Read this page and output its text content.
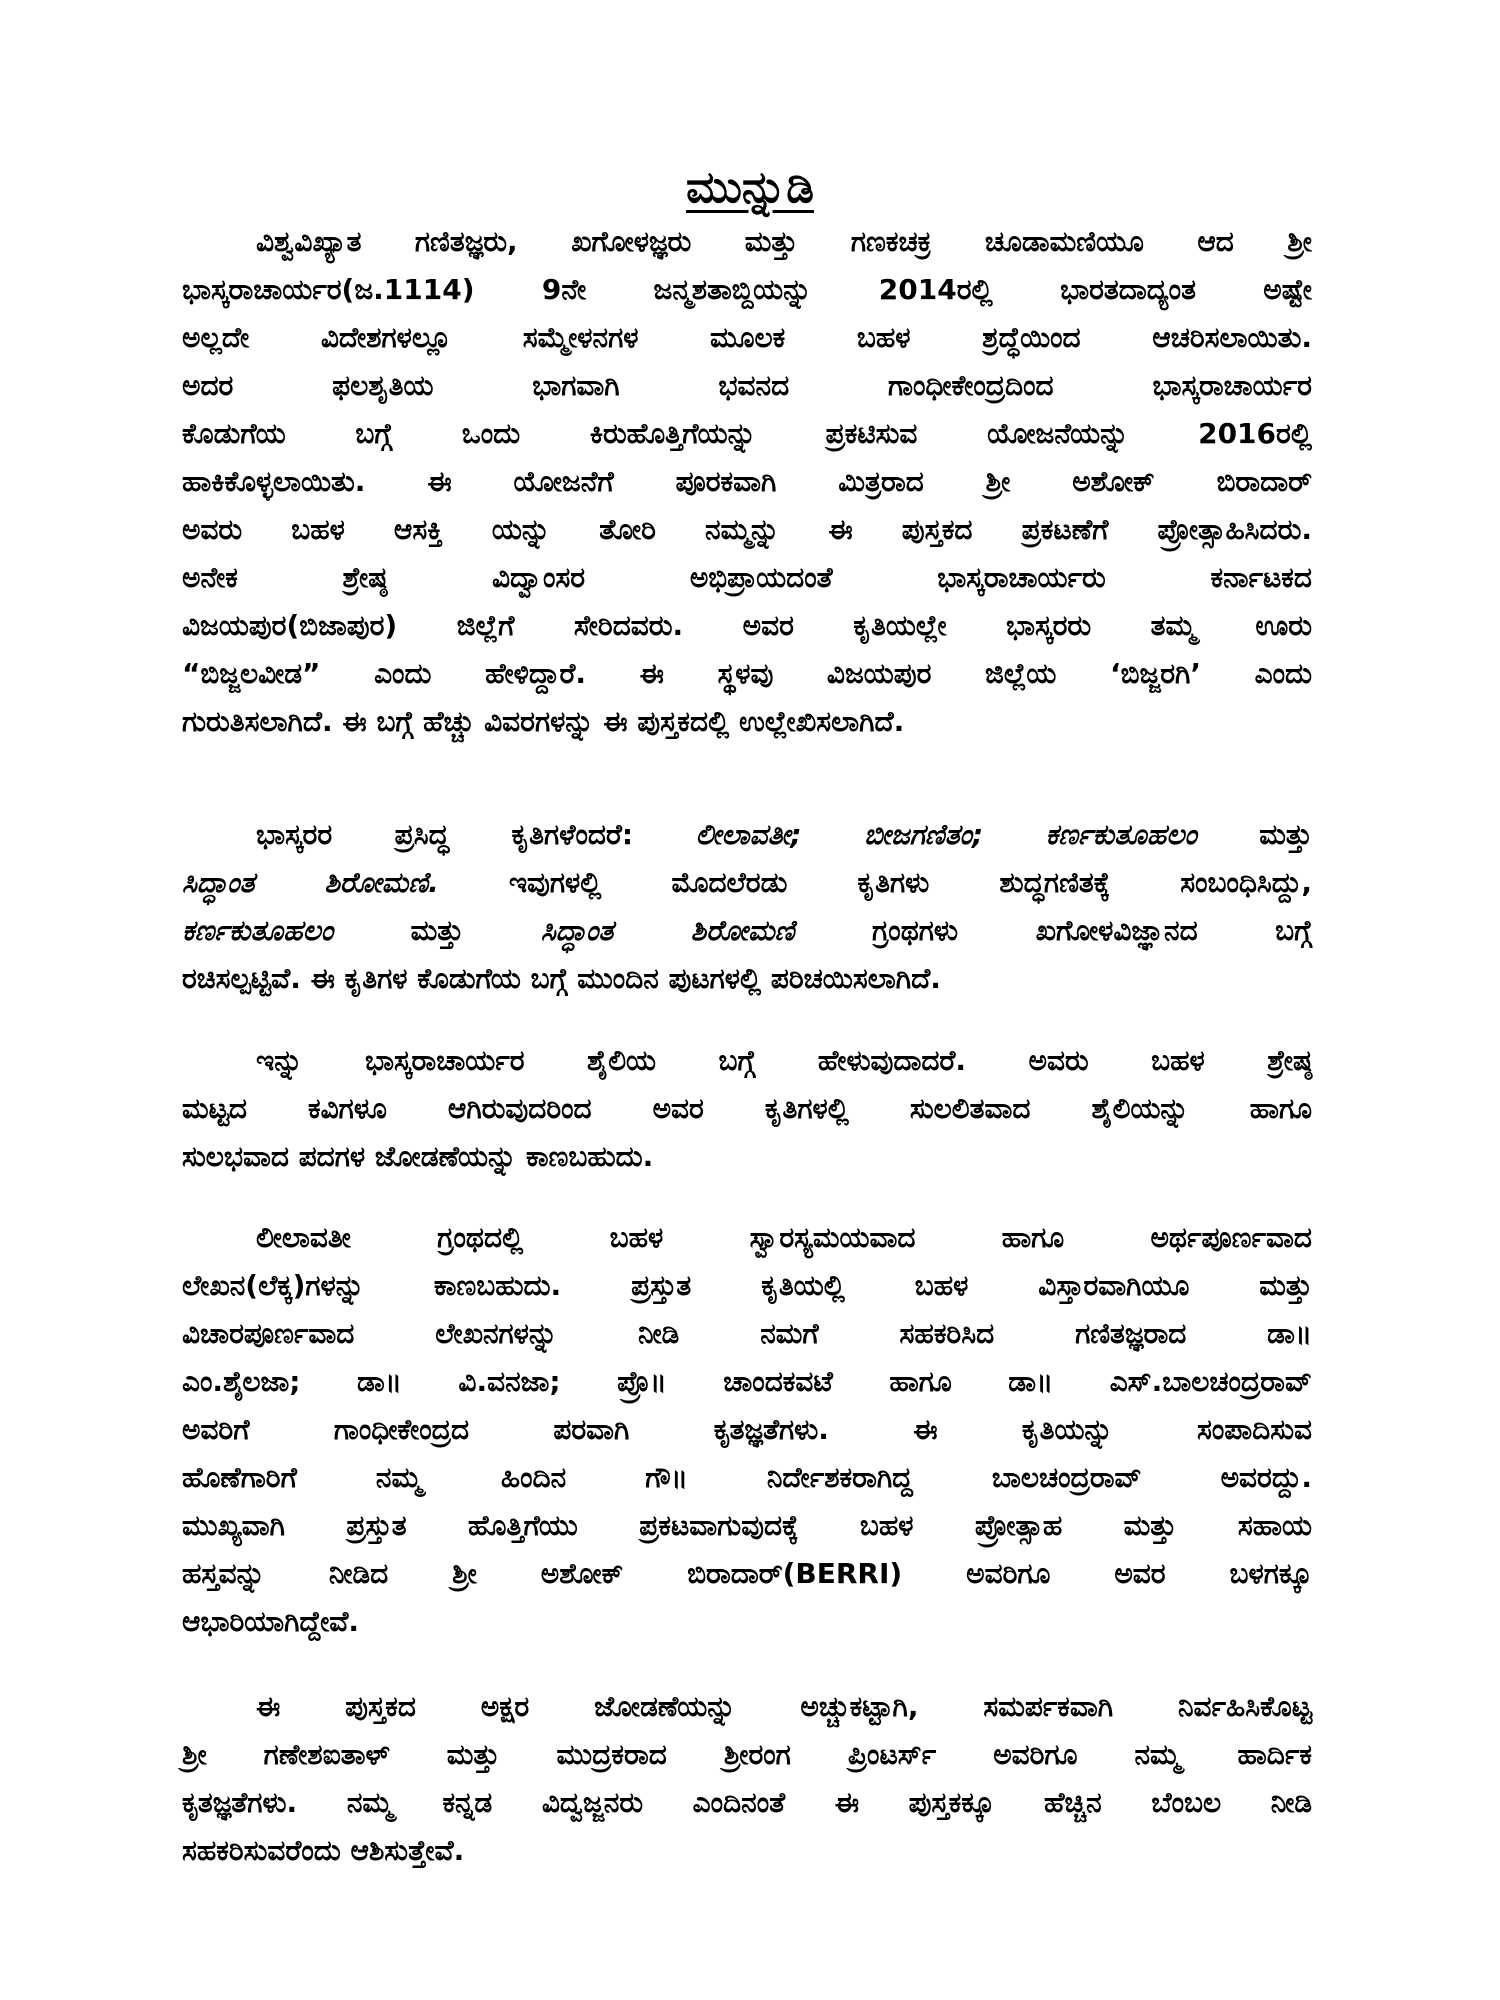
ಮುನ್ನುಡಿ
ವಿಶ್ವವಿಖ್ಯಾತ ಗಣಿತಜ್ಞರು, ಖಗೋಳಜ್ಞರು ಮತ್ತು ಗಣಕಚಕ್ರ ಚೂಡಾಮಣಿಯೂ ಆದ ಶ್ರೀ
ಭಾಸ್ಕರಾಚಾರ್ಯರ(ಜ.1114) 9ನೇ ಜನ್ಮಶತಾಬ್ದಿಯನ್ನು 2014ರಲ್ಲಿ ಭಾರತದಾದ್ಯಂತ ಅಷ್ಟೇ
ಅಲ್ಲದೇ ವಿದೇಶಗಳಲ್ಲೂ ಸಮ್ಮೇಳನಗಳ ಮೂಲಕ ಬಹಳ ಶ್ರದ್ಧೆಯಿಂದ ಆಚರಿಸಲಾಯಿತು.
ಅದರ ಫಲಶೃತಿಯ ಭಾಗವಾಗಿ ಭವನದ ಗಾಂಧೀಕೇಂದ್ರದಿಂದ ಭಾಸ್ಕರಾಚಾರ್ಯರ
ಕೊಡುಗೆಯ ಬಗ್ಗೆ ಒಂದು ಕಿರುಹೊತ್ತಿಗೆಯನ್ನು ಪ್ರಕಟಿಸುವ ಯೋಜನೆಯನ್ನು 2016ರಲ್ಲಿ
ಹಾಕಿಕೊಳ್ಳಲಾಯಿತು. ಈ ಯೋಜನೆಗೆ ಪೂರಕವಾಗಿ ಮಿತ್ರರಾದ ಶ್ರೀ ಅಶೋಕ್ ಬಿರಾದಾರ್
ಅವರು ಬಹಳ ಆಸಕ್ತಿ ಯನ್ನು ತೋರಿ ನಮ್ಮನ್ನು ಈ ಪುಸ್ತಕದ ಪ್ರಕಟಣೆಗೆ ಪ್ರೋತ್ಸಾಹಿಸಿದರು.
ಅನೇಕ ಶ್ರೇಷ್ಠ ವಿದ್ವಾಂಸರ ಅಭಿಪ್ರಾಯದಂತೆ ಭಾಸ್ಕರಾಚಾರ್ಯರು ಕರ್ನಾಟಕದ
ವಿಜಯಪುರ(ಬಿಜಾಪುರ) ಜಿಲ್ಲೆಗೆ ಸೇರಿದವರು. ಅವರ ಕೃತಿಯಲ್ಲೇ ಭಾಸ್ಕರರು ತಮ್ಮ ಊರು
“ಬಿಜ್ಜಲವೀಡ” ಎಂದು ಹೇಳಿದ್ದಾರೆ. ಈ ಸ್ಥಳವು ವಿಜಯಪುರ ಜಿಲ್ಲೆಯ ‘ಬಿಜ್ಜರಗಿ’ ಎಂದು
ಗುರುತಿಸಲಾಗಿದೆ. ಈ ಬಗ್ಗೆ ಹೆಚ್ಚು ವಿವರಗಳನ್ನು ಈ ಪುಸ್ತಕದಲ್ಲಿ ಉಲ್ಲೇಖಿಸಲಾಗಿದೆ.
ಭಾಸ್ಕರರ ಪ್ರಸಿದ್ಧ ಕೃತಿಗಳೆಂದರೆ: ಲೀಲಾವತೀ; ಬೀಜಗಣಿತಂ; ಕರ್ಣಕುತೂಹಲಂ ಮತ್ತು
ಸಿದ್ಧಾಂತ ಶಿರೋಮಣಿ. ಇವುಗಳಲ್ಲಿ ಮೊದಲೆರಡು ಕೃತಿಗಳು ಶುದ್ಧಗಣಿತಕ್ಕೆ ಸಂಬಂಧಿಸಿದ್ದು,
ಕರ್ಣಕುತೂಹಲಂ ಮತ್ತು ಸಿದ್ಧಾಂತ ಶಿರೋಮಣಿ ಗ್ರಂಥಗಳು ಖಗೋಳವಿಜ್ಞಾನದ ಬಗ್ಗೆ
ರಚಿಸಲ್ಪಟ್ಟಿವೆ. ಈ ಕೃತಿಗಳ ಕೊಡುಗೆಯ ಬಗ್ಗೆ ಮುಂದಿನ ಪುಟಗಳಲ್ಲಿ ಪರಿಚಯಿಸಲಾಗಿದೆ.
ಇನ್ನು ಭಾಸ್ಕರಾಚಾರ್ಯರ ಶೈಲಿಯ ಬಗ್ಗೆ ಹೇಳುವುದಾದರೆ. ಅವರು ಬಹಳ ಶ್ರೇಷ್ಠ
ಮಟ್ಟದ ಕವಿಗಳೂ ಆಗಿರುವುದರಿಂದ ಅವರ ಕೃತಿಗಳಲ್ಲಿ ಸುಲಲಿತವಾದ ಶೈಲಿಯನ್ನು ಹಾಗೂ
ಸುಲಭವಾದ ಪದಗಳ ಜೋಡಣೆಯನ್ನು ಕಾಣಬಹುದು.
ಲೀಲಾವತೀ ಗ್ರಂಥದಲ್ಲಿ ಬಹಳ ಸ್ವಾರಸ್ಯಮಯವಾದ ಹಾಗೂ ಅರ್ಥಪೂರ್ಣವಾದ
ಲೇಖನ(ಲೆಕ್ಕ)ಗಳನ್ನು ಕಾಣಬಹುದು. ಪ್ರಸ್ತುತ ಕೃತಿಯಲ್ಲಿ ಬಹಳ ವಿಸ್ತಾರವಾಗಿಯೂ ಮತ್ತು
ವಿಚಾರಪೂರ್ಣವಾದ ಲೇಖನಗಳನ್ನು ನೀಡಿ ನಮಗೆ ಸಹಕರಿಸಿದ ಗಣಿತಜ್ಞರಾದ ಡಾ॥
ಎಂ.ಶೈಲಜಾ; ಡಾ॥ ವಿ.ವನಜಾ; ಪ್ರೊ॥ ಚಾಂದಕವಟೆ ಹಾಗೂ ಡಾ॥ ಎಸ್.ಬಾಲಚಂದ್ರರಾವ್
ಅವರಿಗೆ ಗಾಂಧೀಕೇಂದ್ರದ ಪರವಾಗಿ ಕೃತಜ್ಞತೆಗಳು. ಈ ಕೃತಿಯನ್ನು ಸಂಪಾದಿಸುವ
ಹೊಣೆಗಾರಿಗೆ ನಮ್ಮ ಹಿಂದಿನ ಗೌ॥ ನಿರ್ದೇಶಕರಾಗಿದ್ದ ಬಾಲಚಂದ್ರರಾವ್ ಅವರದ್ದು.
ಮುಖ್ಯವಾಗಿ ಪ್ರಸ್ತುತ ಹೊತ್ತಿಗೆಯು ಪ್ರಕಟವಾಗುವುದಕ್ಕೆ ಬಹಳ ಪ್ರೋತ್ಸಾಹ ಮತ್ತು ಸಹಾಯ
ಹಸ್ತವನ್ನು ನೀಡಿದ ಶ್ರೀ ಅಶೋಕ್ ಬಿರಾದಾರ್(BERRI) ಅವರಿಗೂ ಅವರ ಬಳಗಕ್ಕೂ
ಆಭಾರಿಯಾಗಿದ್ದೇವೆ.
ಈ ಪುಸ್ತಕದ ಅಕ್ಷರ ಜೋಡಣೆಯನ್ನು ಅಚ್ಚುಕಟ್ಟಾಗಿ, ಸಮರ್ಪಕವಾಗಿ ನಿರ್ವಹಿಸಿಕೊಟ್ಟ
ಶ್ರೀ ಗಣೇಶಐತಾಳ್ ಮತ್ತು ಮುದ್ರಕರಾದ ಶ್ರೀರಂಗ ಪ್ರಿಂಟರ್ಸ್ ಅವರಿಗೂ ನಮ್ಮ ಹಾರ್ದಿಕ
ಕೃತಜ್ಞತೆಗಳು. ನಮ್ಮ ಕನ್ನಡ ವಿದ್ವಜ್ಜನರು ಎಂದಿನಂತೆ ಈ ಪುಸ್ತಕಕ್ಕೂ ಹೆಚ್ಚಿನ ಬೆಂಬಲ ನೀಡಿ
ಸಹಕರಿಸುವರೆಂದು ಆಶಿಸುತ್ತೇವೆ.
